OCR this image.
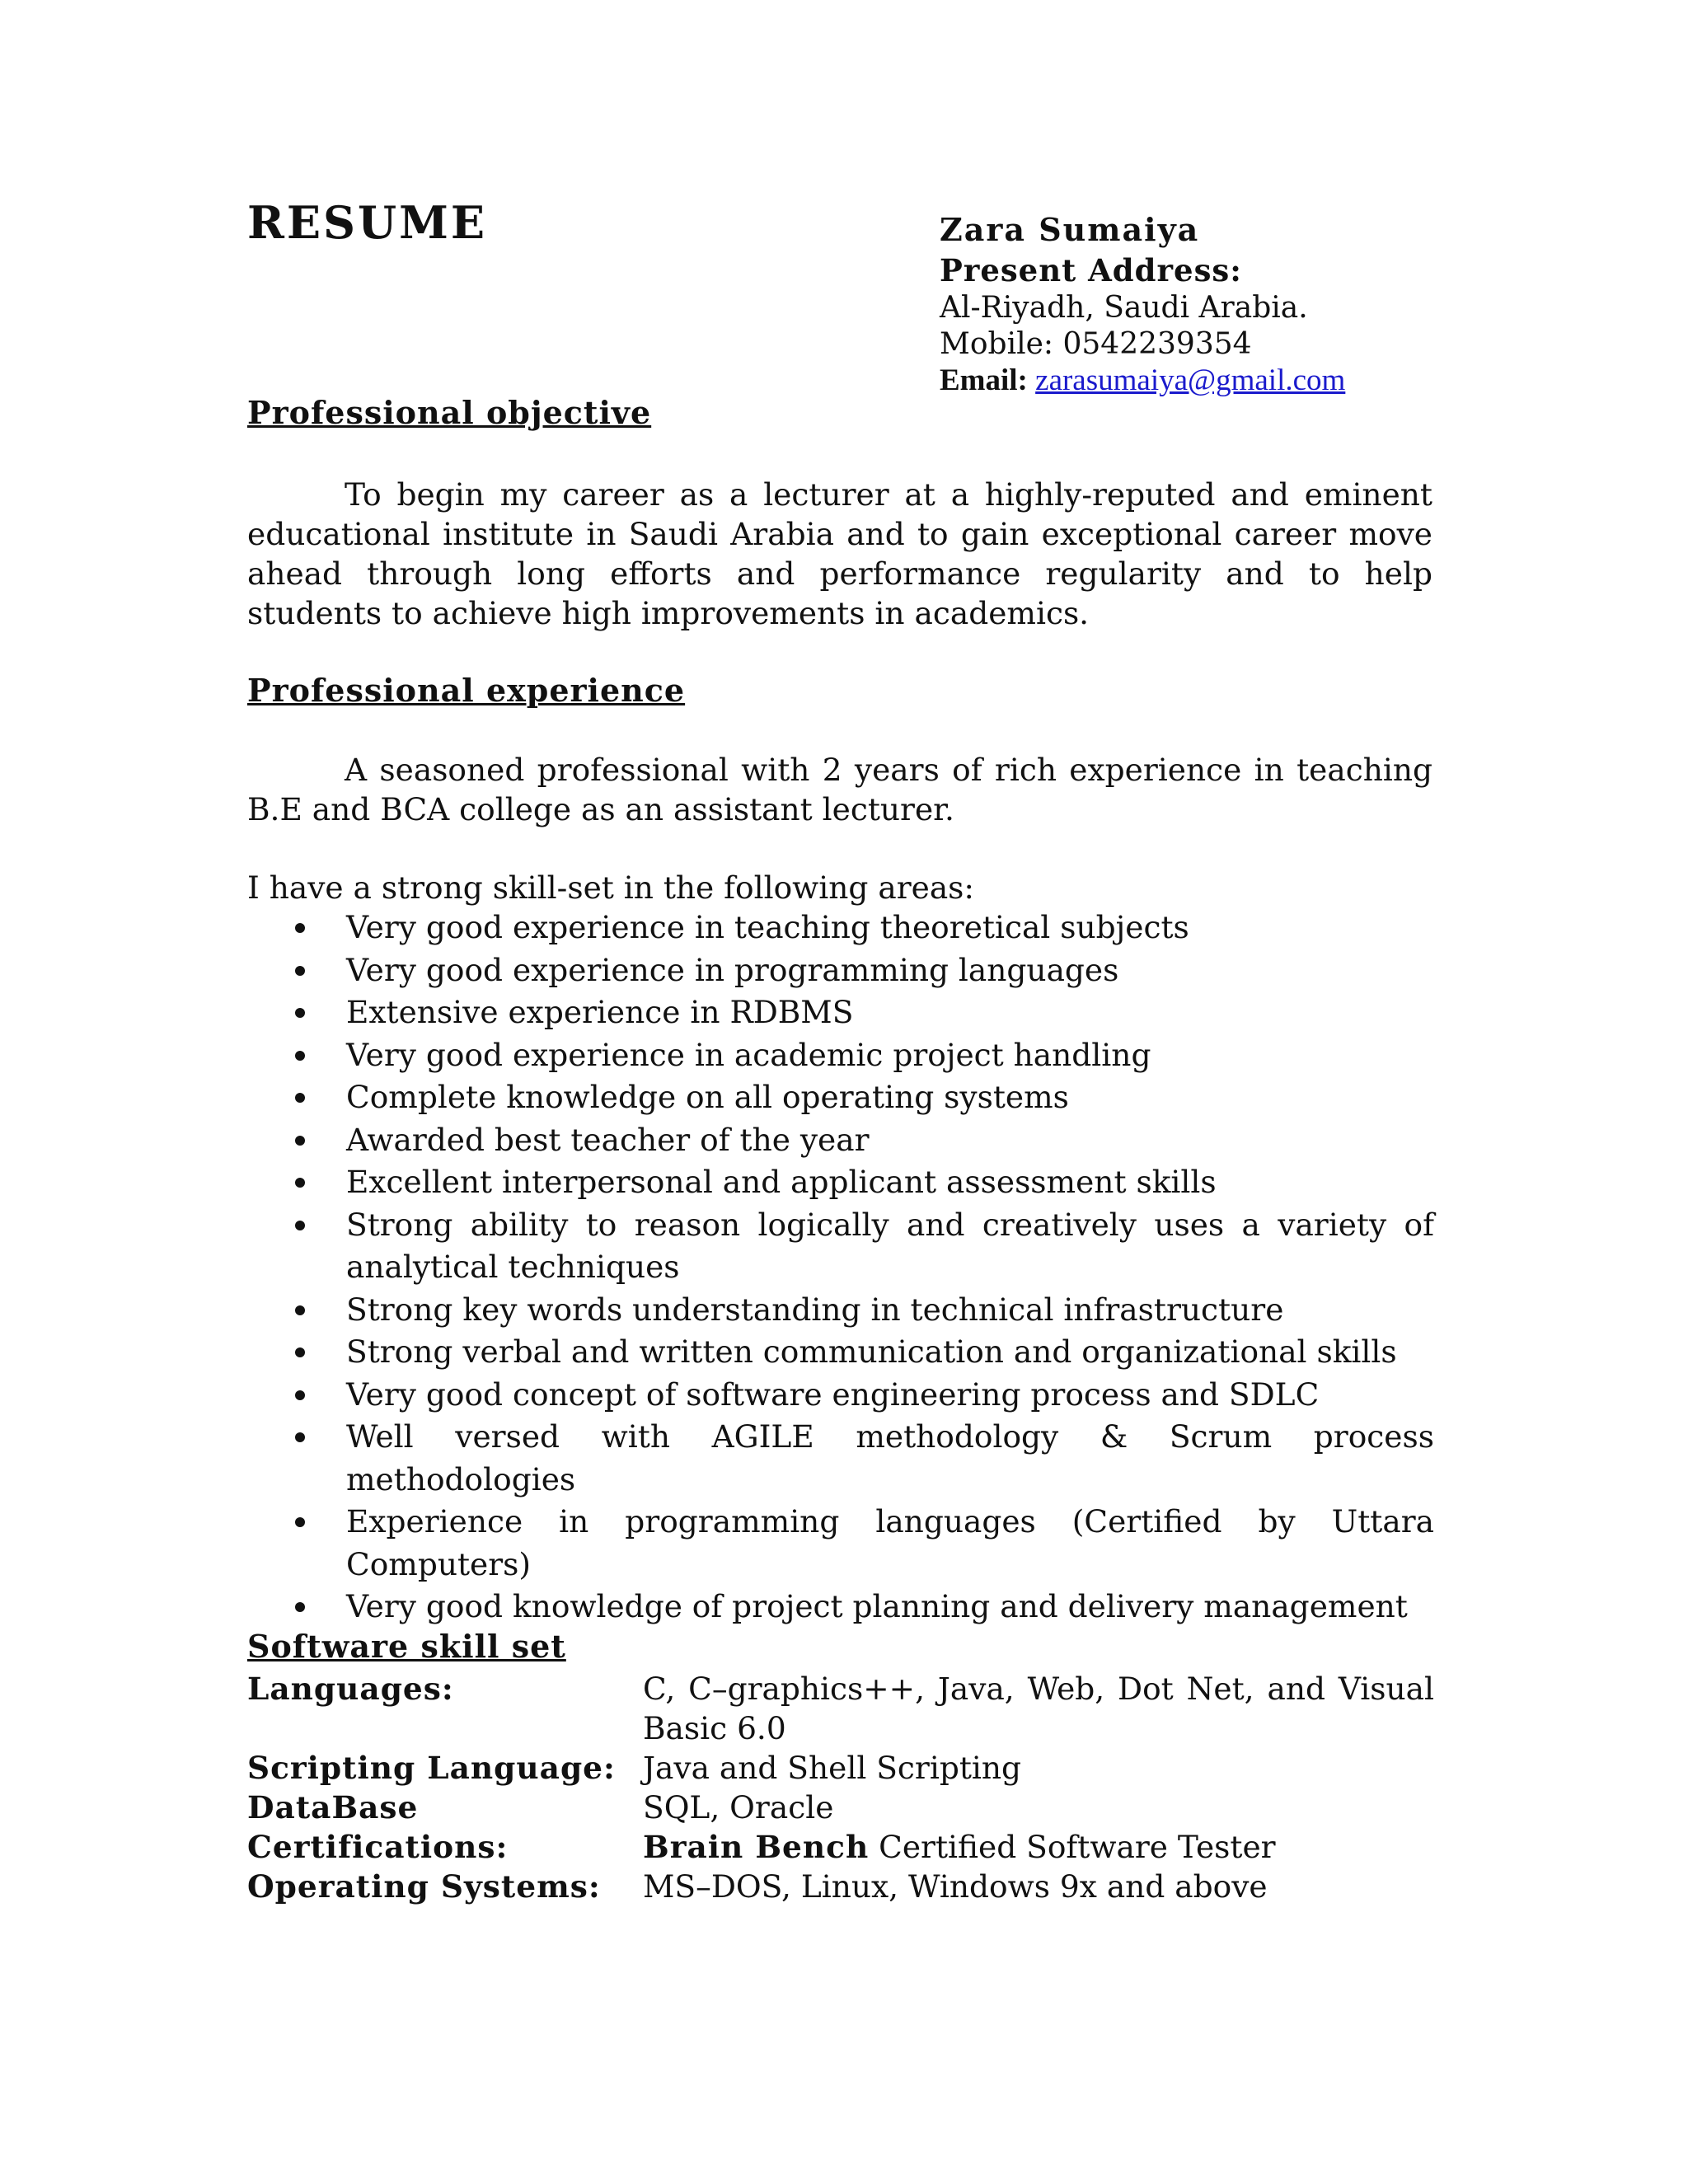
RESUME	Zara Sumaiya
Present Address:
Al-Riyadh, Saudi Arabia.
Mobile: 0542239354
Email: zarasumaiya@gmail.com
Professional objective

To begin my career as a lecturer at a highly-reputed and eminent educational institute in Saudi Arabia and to gain exceptional career move ahead through long efforts and performance regularity and to help students to achieve high improvements in academics.

Professional experience

A seasoned professional with 2 years of rich experience in teaching B.E and BCA college as an assistant lecturer.

I have a strong skill-set in the following areas:

Very good experience in teaching theoretical subjects
Very good experience in programming languages
Extensive experience in RDBMS
Very good experience in academic project handling
Complete knowledge on all operating systems
Awarded best teacher of the year
Excellent interpersonal and applicant assessment skills
Strong ability to reason logically and creatively uses a variety of analytical techniques
Strong key words understanding in technical infrastructure
Strong verbal and written communication and organizational skills
Very good concept of software engineering process and SDLC
Well versed with AGILE methodology & Scrum process methodologies
Experience in programming languages (Certified by Uttara Computers)
Very good knowledge of project planning and delivery management
Software skill set
Languages:	C, C–graphics++, Java, Web, Dot Net, and Visual Basic 6.0
Scripting Language:	Java and Shell Scripting
DataBase	SQL, Oracle
Certifications:	Brain Bench Certified Software Tester
Operating Systems:	MS–DOS, Linux, Windows 9x and above
